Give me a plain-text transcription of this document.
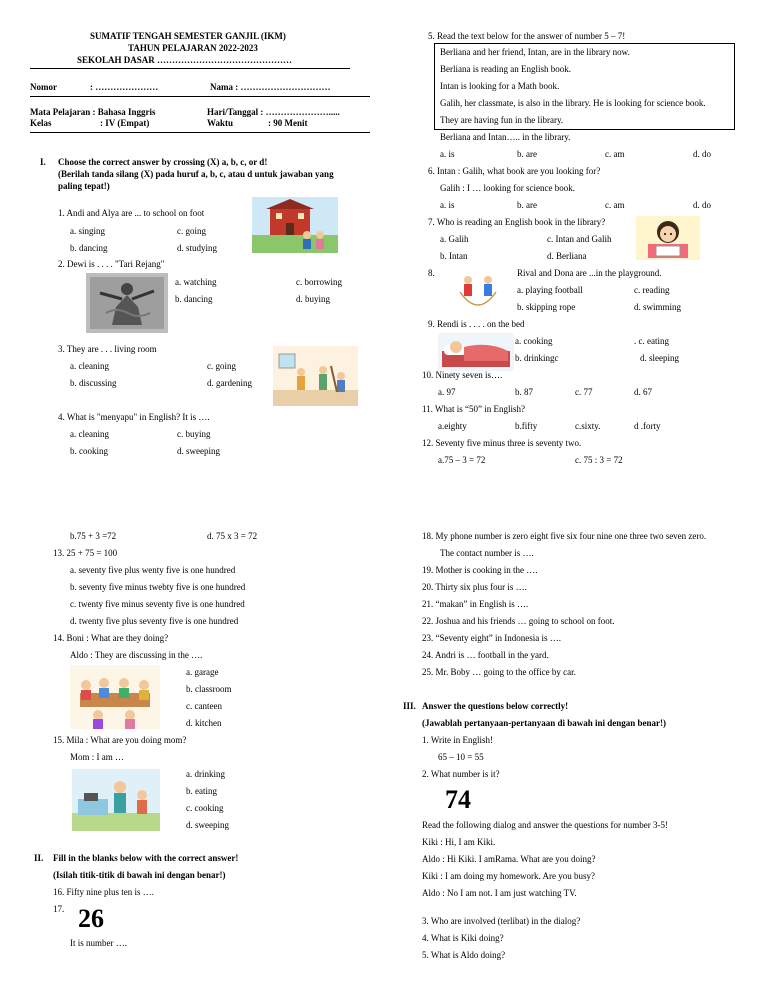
SUMATIF TENGAH SEMESTER GANJIL (IKM)
TAHUN PELAJARAN 2022-2023
SEKOLAH DASAR ………………………………………
Nomor	: …………………	Nama : …………………………
Mata Pelajaran : Bahasa Inggris	Hari/Tanggal : ………………….....
Kelas	: IV (Empat)	Waktu	: 90 Menit
I. Choose the correct answer by crossing (X) a, b, c, or d!
(Berilah tanda silang (X) pada huruf a, b, c, atau d untuk jawaban yang
paling tepat!)
1. Andi and Alya are ... to school on foot
a. singing	c. going
b. dancing	d. studying
2. Dewi is . . . . "Tari Rejang"
a. watching	c. borrowing
b. dancing	d. buying
3. They are . . . living room
a. cleaning	c. going
b. discussing	d. gardening
4. What is "menyapu" in English? It is ….
a. cleaning	c. buying
b. cooking	d. sweeping
5. Read the text below for the answer of number 5 – 7!
Berliana and her friend, Intan, are in the library now.
Berliana is reading an English book.
Intan is looking for a Math book.
Galih, her classmate, is also in the library. He is looking for science book.
They are having fun in the library.
Berliana and Intan….. in the library.
a. is	b. are	c. am	d. do
6. Intan : Galih, what book are you looking for?
Galih : I … looking for science book.
a. is	b. are	c. am	d. do
7. Who is reading an English book in the library?
a. Galih	c. Intan and Galih
b. Intan	d. Berliana
8.	Rival and Dona are ...in the playground.
a. playing football	c. reading
b. skipping rope	d. swimming
9. Rendi is . . . . on the bed
a. cooking	. c. eating
b. drinkingc	d. sleeping
10. Ninety seven is….
a. 97	b. 87	c. 77	d. 67
11. What is “50” in English?
a.eighty	b.fifty	c.sixty.	d .forty
12. Seventy five minus three is seventy two.
a.75 – 3 = 72	c. 75 : 3 = 72
b.75 + 3 =72	d. 75 x 3 = 72
13. 25 + 75 = 100
a. seventy five plus wenty five is one hundred
b. seventy five minus twebty five is one hundred
c. twenty five minus seventy five is one hundred
d. twenty five plus seventy five is one hundred
14. Boni : What are they doing?
Aldo : They are discussing in the ….
a. garage
b. classroom
c. canteen
d. kitchen
15. Mila : What are you doing mom?
Mom : I am …
a. drinking
b. eating
c. cooking
d. sweeping
II. Fill in the blanks below with the correct answer!
(Isilah titik-titik di bawah ini dengan benar!)
16. Fifty nine plus ten is ….
17. 26
It is number ….
18. My phone number is zero eight five six four nine one three two seven zero.
The contact number is ….
19. Mother is cooking in the ….
20. Thirty six plus four is ….
21. “makan” in English is ….
22. Joshua and his friends … going to school on foot.
23. “Seventy eight” in Indonesia is ….
24. Andri is … football in the yard.
25. Mr. Boby … going to the office by car.
III. Answer the questions below correctly!
(Jawablah pertanyaan-pertanyaan di bawah ini dengan benar!)
1. Write in English!
65 – 10 = 55
2. What number is it?
74
Read the following dialog and answer the questions for number 3-5!
Kiki : Hi, I am Kiki.
Aldo : Hi Kiki. I amRama. What are you doing?
Kiki : I am doing my homework. Are you busy?
Aldo : No I am not. I am just watching TV.
3. Who are involved (terlibat) in the dialog?
4. What is Kiki doing?
5. What is Aldo doing?
